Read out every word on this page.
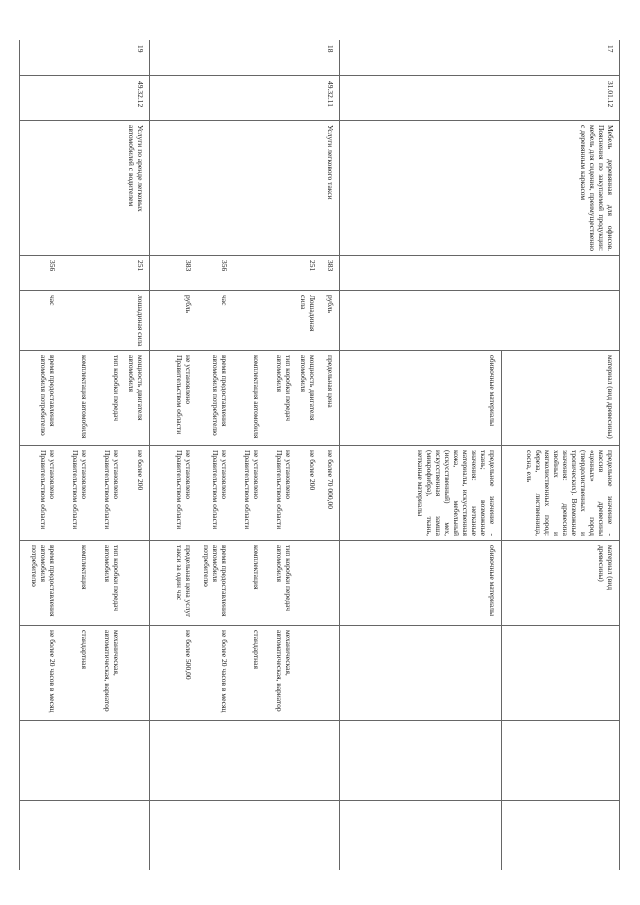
17
31.01.12
Мебель деревянная для офисов. Пояснения по закупаемой продукции: мебель для сидения, преимущественно с деревянным каркасом
материал (вид древесины)
предельное значение - массив древесины «ценных» пород (твердолиственных и тропических). Возможные значения: древесина хвойных и мягколиственных пород: береза, лиственница, сосна, ель
материал (вид древесины)
обивочные материалы
предельное значение - ткань; возможные значения: нетканые материалы, искусственная кожа, мебельный (искусственный) мех, искусственная замша (микрофибра), ткань, нетканые материалы
обивочные материалы
18
49.32.11
Услуги легкового такси
383
рубль
предельная цена
не более 70 000,00
251
Лошадиная сила
мощность двигателя автомобиля
не более 200
тип коробки передач автомобиля
не установлено Правительством области
тип коробки передач автомобиля
механическая, автоматическая, вариатор
комплектация автомобиля
не установлено Правительством области
комплектация
стандартная
356
час
время предоставления автомобиля потребителю
не установлено Правительством области
время предоставления автомобиля потребителю
не более 20 часов в месяц
383
рубль
не установлено Правительством области
не установлено Правительством области
предельная цена услуг такси за один час
не более 500,00
19
49.32.12
Услуги по аренде легковых автомобилей с водителем
251
лошадиная сила
мощность двигателя автомобиля
не более 200
тип коробки передач
не установлено Правительством области
тип коробки передач автомобиля
механическая, автоматическая, вариатор
комплектация автомобиля
не установлено Правительством области
комплектация
стандартная
356
час
время предоставления автомобиля потребителю
не установлено Правительством области
время предоставления автомобиля потребителю
не более 20 часов в месяц
